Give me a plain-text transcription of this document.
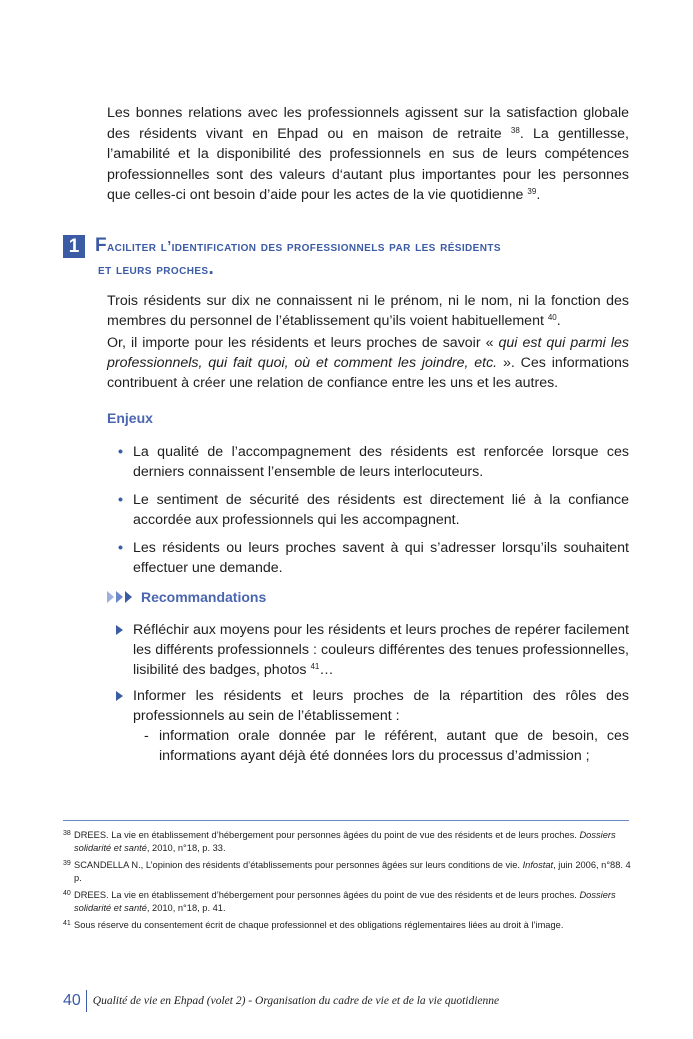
Les bonnes relations avec les professionnels agissent sur la satisfaction globale des résidents vivant en Ehpad ou en maison de retraite $^{38}$. La gentillesse, l’amabilité et la disponibilité des professionnels en sus de leurs compétences professionnelles sont des valeurs d‘autant plus importantes pour les personnes que celles-ci ont besoin d’aide pour les actes de la vie quotidienne $^{39}$.
1 Faciliter l’identification des professionnels par les résidents
et leurs proches.
Trois résidents sur dix ne connaissent ni le prénom, ni le nom, ni la fonction des membres du personnel de l’établissement qu’ils voient habituellement $^{40}$.
Or, il importe pour les résidents et leurs proches de savoir « qui est qui parmi les professionnels, qui fait quoi, où et comment les joindre, etc. ». Ces informations contribuent à créer une relation de confiance entre les uns et les autres.
Enjeux
• La qualité de l’accompagnement des résidents est renforcée lorsque ces derniers connaissent l’ensemble de leurs interlocuteurs.
• Le sentiment de sécurité des résidents est directement lié à la confiance accordée aux professionnels qui les accompagnent.
• Les résidents ou leurs proches savent à qui s’adresser lorsqu’ils souhaitent effectuer une demande.
Recommandations
Réfléchir aux moyens pour les résidents et leurs proches de repérer facilement les différents professionnels : couleurs différentes des tenues professionnelles, lisibilité des badges, photos $^{41}$…
Informer les résidents et leurs proches de la répartition des rôles des professionnels au sein de l’établissement :
- information orale donnée par le référent, autant que de besoin, ces informations ayant déjà été données lors du processus d’admission ;
38 DREES. La vie en établissement d’hébergement pour personnes âgées du point de vue des résidents et de leurs proches. Dossiers solidarité et santé, 2010, n°18, p. 33.
39 SCANDELLA N., L’opinion des résidents d’établissements pour personnes âgées sur leurs conditions de vie. Infostat, juin 2006, n°88. 4 p.
40 DREES. La vie en établissement d’hébergement pour personnes âgées du point de vue des résidents et de leurs proches. Dossiers solidarité et santé, 2010, n°18, p. 41.
41 Sous réserve du consentement écrit de chaque professionnel et des obligations réglementaires liées au droit à l’image.
40	Qualité de vie en Ehpad (volet 2) - Organisation du cadre de vie et de la vie quotidienne
